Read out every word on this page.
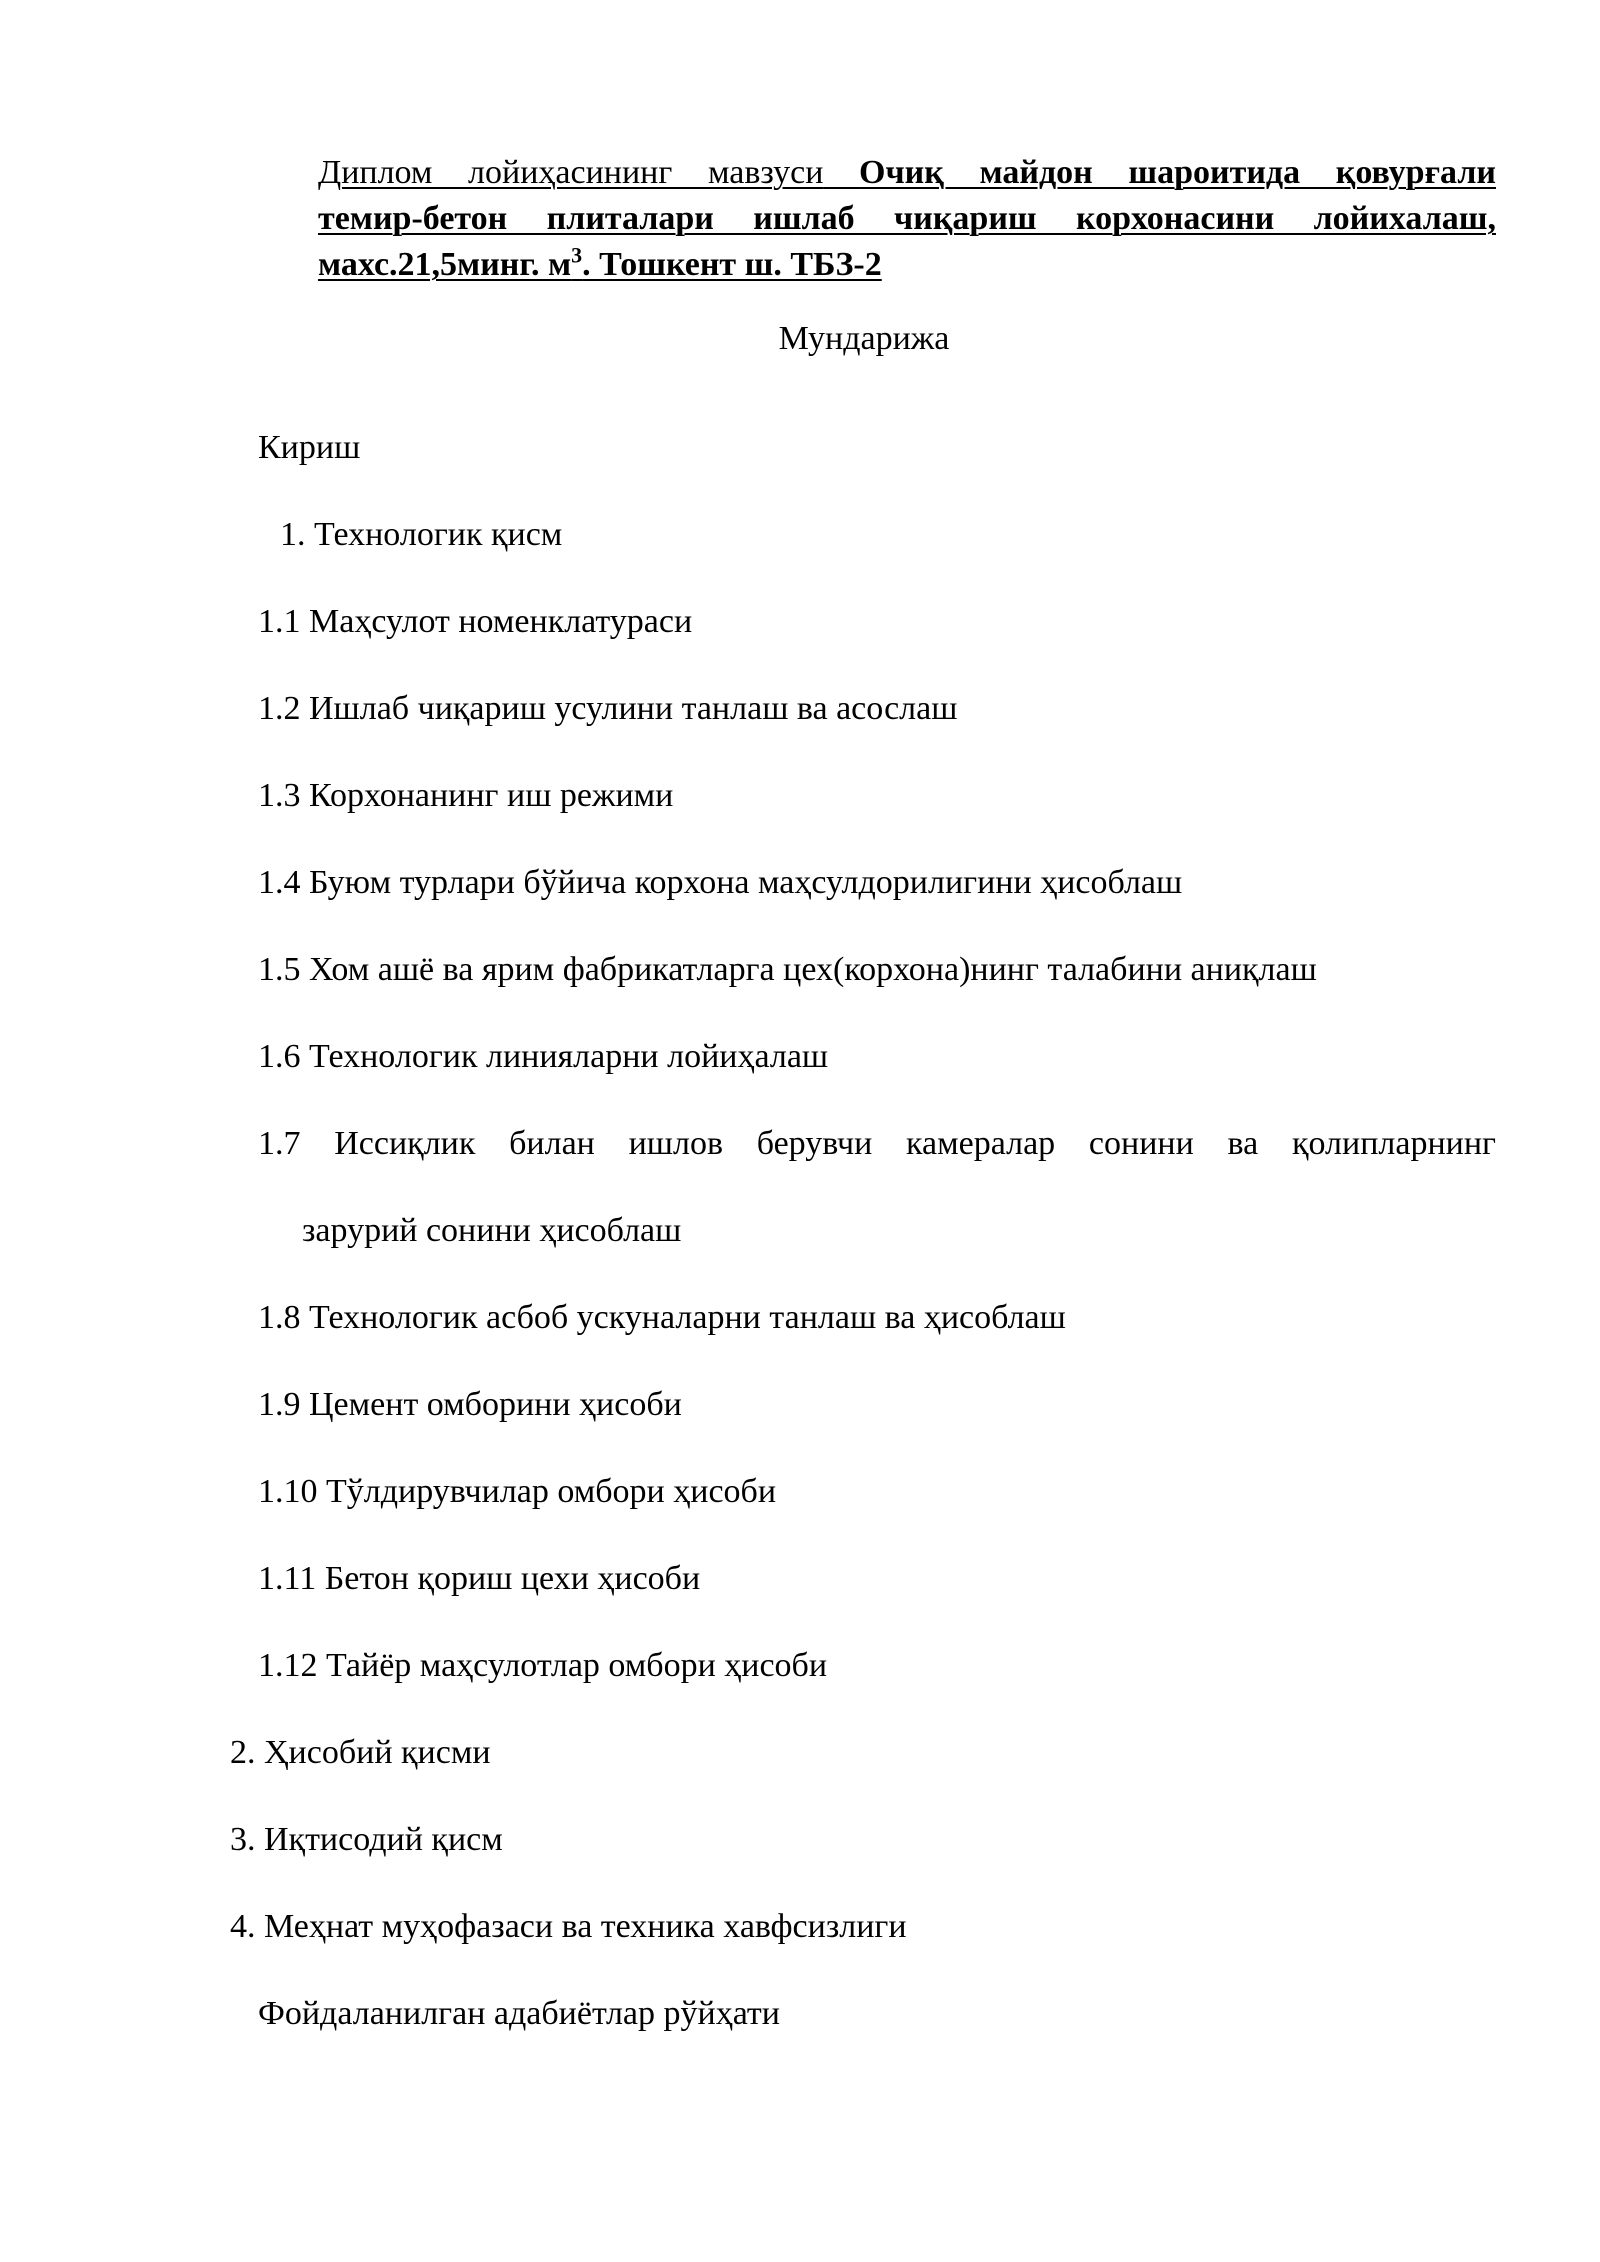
Диплом лойиҳасининг мавзуси Очиқ майдон шароитида қовурғали
темир-бетон плиталари ишлаб чиқариш корхонасини лойихалаш,
махс.21,5минг. $м^3$. Тошкент ш. ТБЗ-2
Мундарижа
Кириш
1. Технологик қисм
1.1 Маҳсулот номенклатураси
1.2 Ишлаб чиқариш усулини танлаш ва асослаш
1.3 Корхонанинг иш режими
1.4 Буюм турлари бўйича корхона маҳсулдорилигини ҳисоблаш
1.5 Хом ашё ва ярим фабрикатларга цех(корхона)нинг талабини аниқлаш
1.6 Технологик линияларни лойиҳалаш
1.7 Иссиқлик билан ишлов берувчи камералар сонини ва қолипларнинг
зарурий сонини ҳисоблаш
1.8 Технологик асбоб ускуналарни танлаш ва ҳисоблаш
1.9 Цемент омборини ҳисоби
1.10 Тўлдирувчилар омбори ҳисоби
1.11 Бетон қориш цехи ҳисоби
1.12 Тайёр маҳсулотлар омбори ҳисоби
2. Ҳисобий қисми
3. Иқтисодий қисм
4. Меҳнат муҳофазаси ва техника хавфсизлиги
Фойдаланилган адабиётлар рўйҳати
